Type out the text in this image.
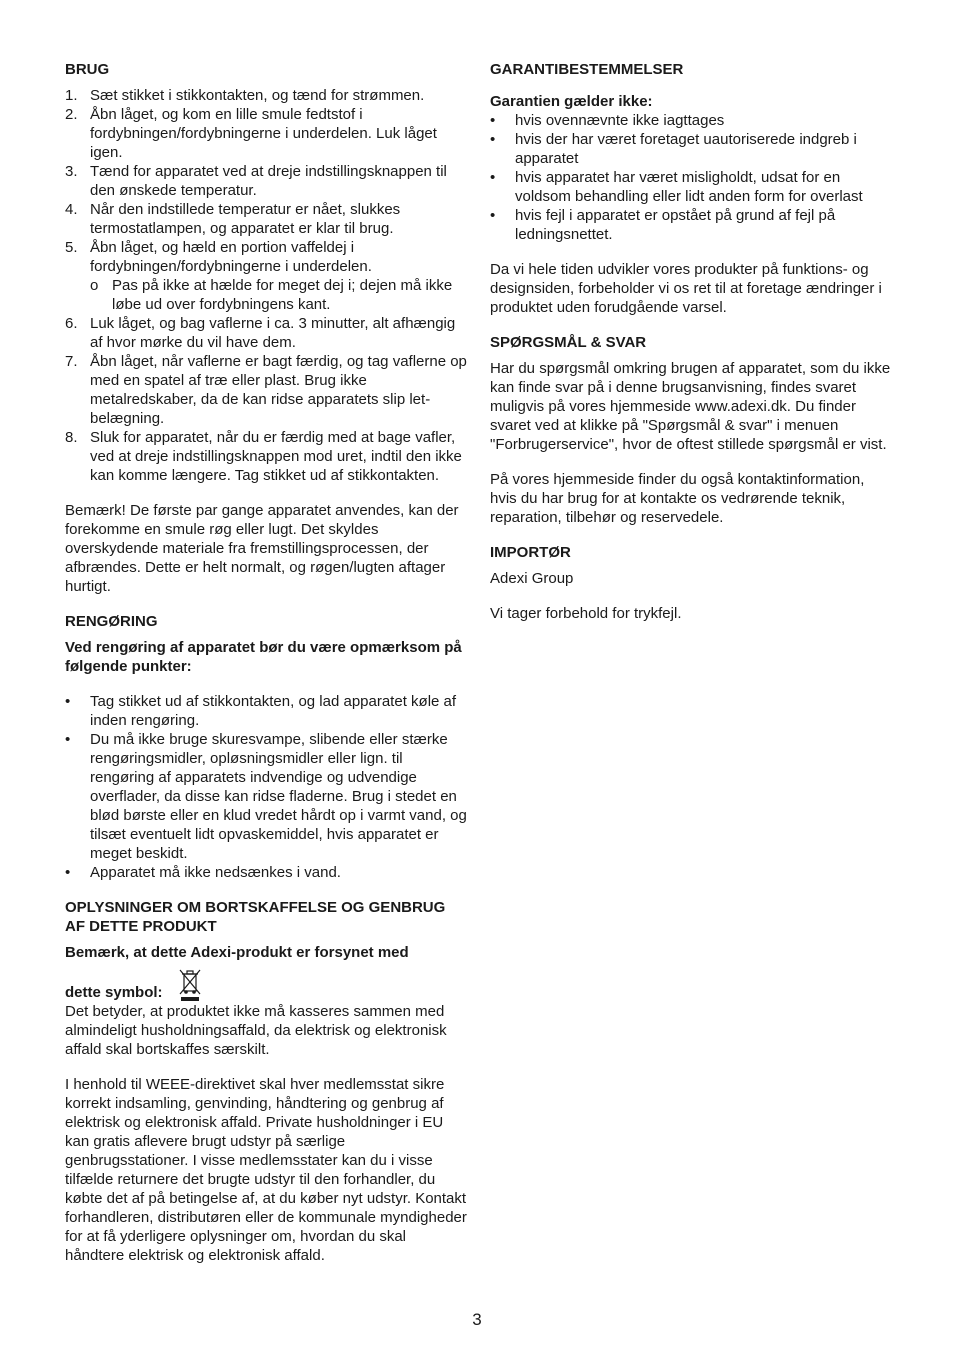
BRUG
1. Sæt stikket i stikkontakten, og tænd for strømmen.
2. Åbn låget, og kom en lille smule fedtstof i fordybningen/fordybningerne i underdelen. Luk låget igen.
3. Tænd for apparatet ved at dreje indstillingsknappen til den ønskede temperatur.
4. Når den indstillede temperatur er nået, slukkes termostatlampen, og apparatet er klar til brug.
5. Åbn låget, og hæld en portion vaffeldej i fordybningen/fordybningerne i underdelen.
o Pas på ikke at hælde for meget dej i; dejen må ikke løbe ud over fordybningens kant.
6. Luk låget, og bag vaflerne i ca. 3 minutter, alt afhængig af hvor mørke du vil have dem.
7. Åbn låget, når vaflerne er bagt færdig, og tag vaflerne op med en spatel af træ eller plast. Brug ikke metalredskaber, da de kan ridse apparatets slip let-belægning.
8. Sluk for apparatet, når du er færdig med at bage vafler, ved at dreje indstillingsknappen mod uret, indtil den ikke kan komme længere. Tag stikket ud af stikkontakten.

Bemærk! De første par gange apparatet anvendes, kan der forekomme en smule røg eller lugt. Det skyldes overskydende materiale fra fremstillingsprocessen, der afbrændes. Dette er helt normalt, og røgen/lugten aftager hurtigt.

RENGØRING

Ved rengøring af apparatet bør du være opmærksom på følgende punkter:

• Tag stikket ud af stikkontakten, og lad apparatet køle af inden rengøring.
• Du må ikke bruge skuresvampe, slibende eller stærke rengøringsmidler, opløsningsmidler eller lign. til rengøring af apparatets indvendige og udvendige overflader, da disse kan ridse fladerne. Brug i stedet en blød børste eller en klud vredet hårdt op i varmt vand, og tilsæt eventuelt lidt opvaskemiddel, hvis apparatet er meget beskidt.
• Apparatet må ikke nedsænkes i vand.
OPLYSNINGER OM BORTSKAFFELSE OG GENBRUG AF DETTE PRODUKT

Bemærk, at dette Adexi-produkt er forsynet med

dette symbol:

Det betyder, at produktet ikke må kasseres sammen med almindeligt husholdningsaffald, da elektrisk og elektronisk affald skal bortskaffes særskilt.

I henhold til WEEE-direktivet skal hver medlemsstat sikre korrekt indsamling, genvinding, håndtering og genbrug af elektrisk og elektronisk affald. Private husholdninger i EU kan gratis aflevere brugt udstyr på særlige genbrugsstationer. I visse medlemsstater kan du i visse tilfælde returnere det brugte udstyr til den forhandler, du købte det af på betingelse af, at du køber nyt udstyr. Kontakt forhandleren, distributøren eller de kommunale myndigheder for at få yderligere oplysninger om, hvordan du skal håndtere elektrisk og elektronisk affald.

GARANTIBESTEMMELSER

Garantien gælder ikke:

• hvis ovennævnte ikke iagttages
• hvis der har været foretaget uautoriserede indgreb i apparatet
• hvis apparatet har været misligholdt, udsat for en voldsom behandling eller lidt anden form for overlast
• hvis fejl i apparatet er opstået på grund af fejl på ledningsnettet.

Da vi hele tiden udvikler vores produkter på funktions- og designsiden, forbeholder vi os ret til at foretage ændringer i produktet uden forudgående varsel.

SPØRGSMÅL & SVAR

Har du spørgsmål omkring brugen af apparatet, som du ikke kan finde svar på i denne brugsanvisning, findes svaret muligvis på vores hjemmeside www.adexi.dk. Du finder svaret ved at klikke på "Spørgsmål & svar" i menuen "Forbrugerservice", hvor de oftest stillede spørgsmål er vist.

På vores hjemmeside finder du også kontaktinformation, hvis du har brug for at kontakte os vedrørende teknik, reparation, tilbehør og reservedele.

IMPORTØR

Adexi Group

Vi tager forbehold for trykfejl.

3
